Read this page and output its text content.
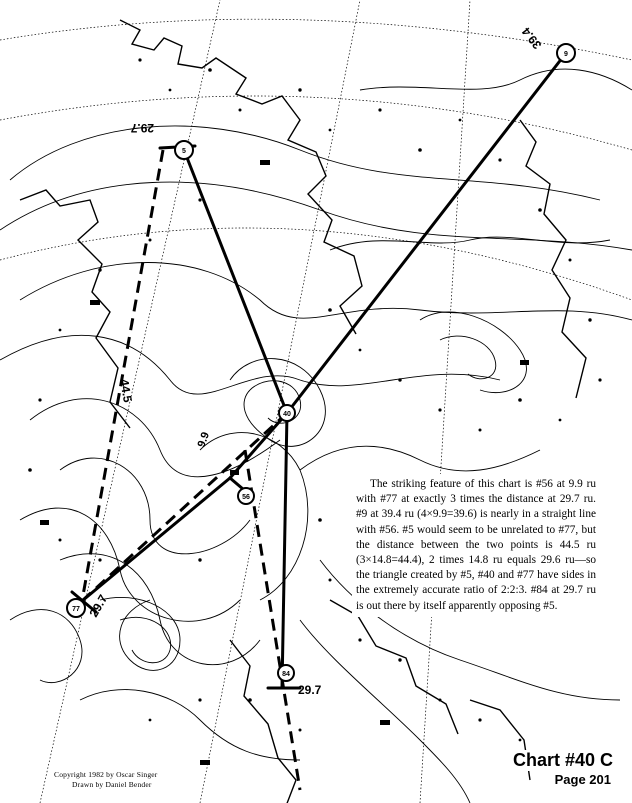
9
5
40
56
77
84
39.4
29.7
44.5
9.9
29.7
29.7

The striking feature of this chart is #56 at 9.9 ru with #77 at exactly 3 times the distance at 29.7 ru. #9 at 39.4 ru (4×9.9=39.6) is nearly in a straight line with #56. #5 would seem to be unrelated to #77, but the distance between the two points is 44.5 ru (3×14.8=44.4), 2 times 14.8 ru equals 29.6 ru—so the triangle created by #5, #40 and #77 have sides in the extremely accurate ratio of 2:2:3. #84 at 29.7 ru is out there by itself apparently opposing #5.

Chart #40 C
Page 201
Copyright 1982 by Oscar Singer
Drawn by Daniel Bender
